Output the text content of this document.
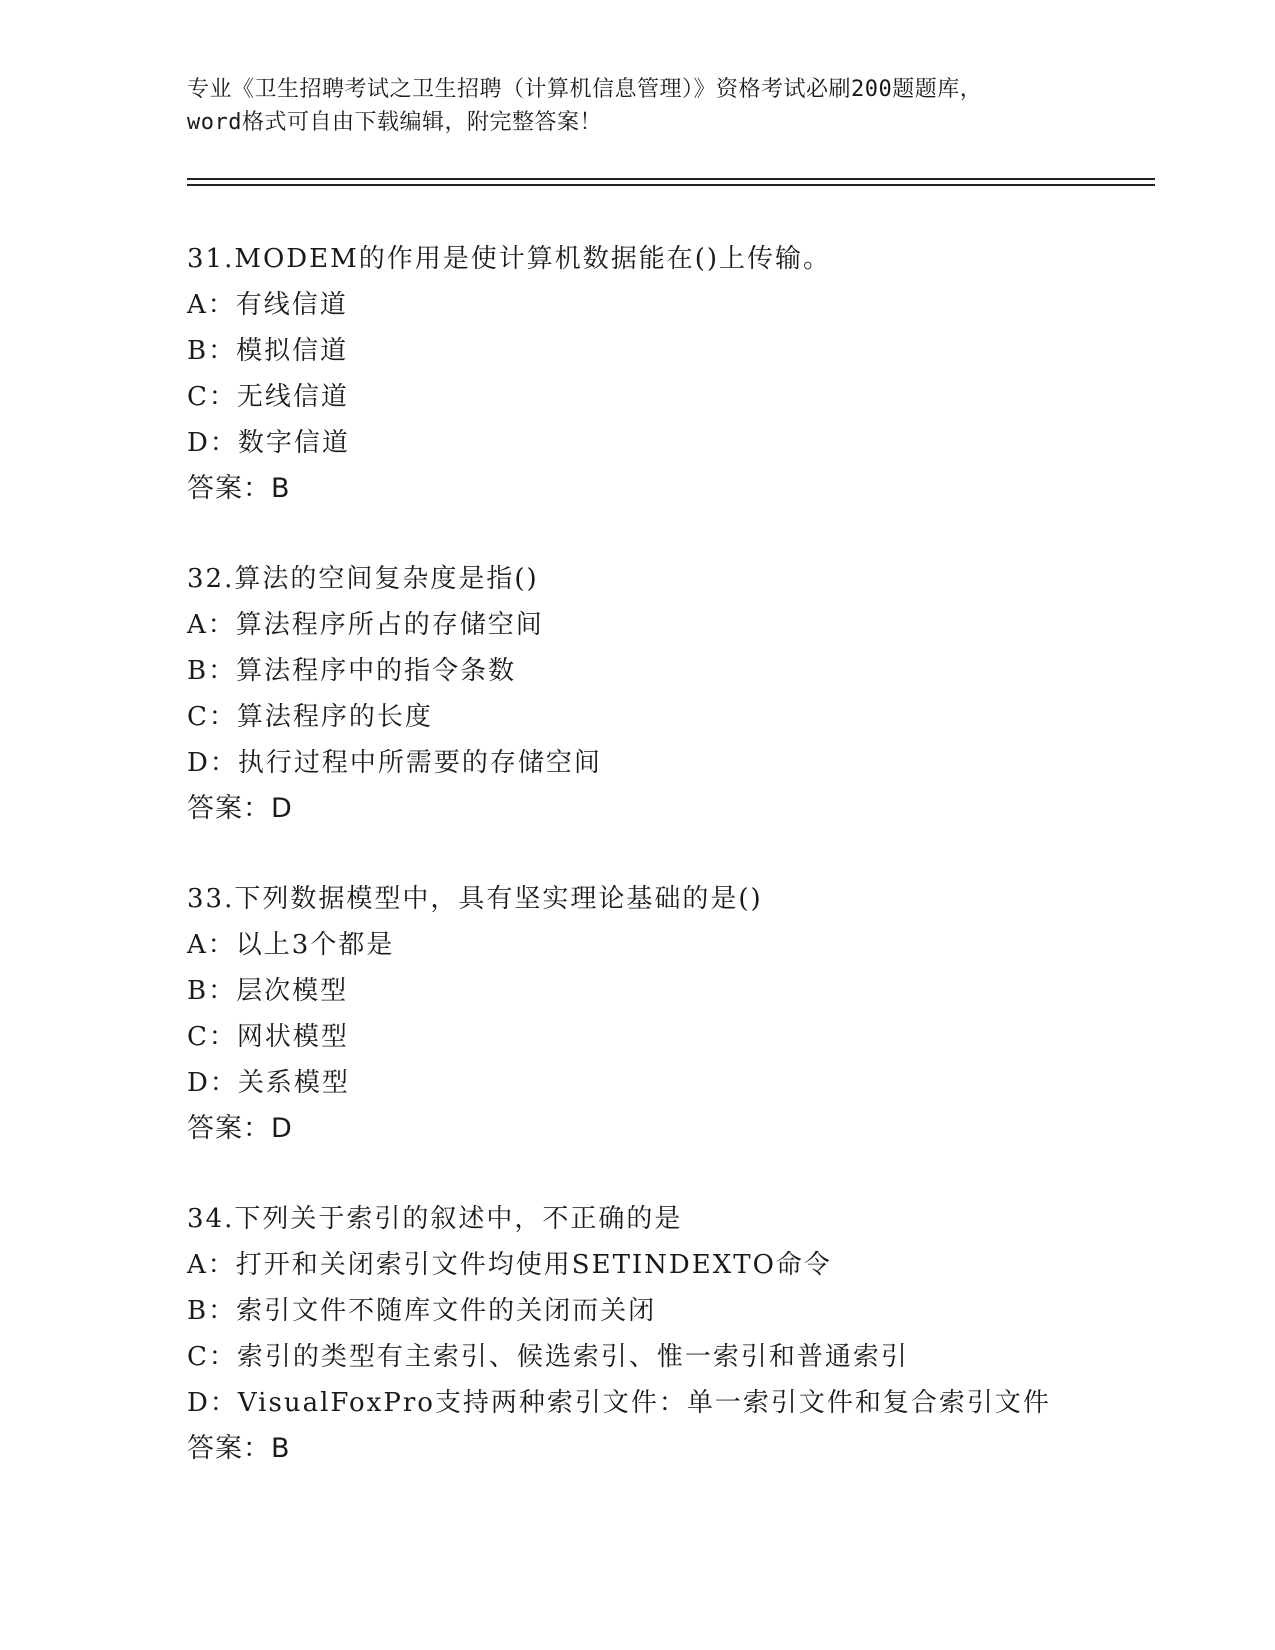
专业《卫生招聘考试之卫生招聘（计算机信息管理）》资格考试必刷200题题库，
word格式可自由下载编辑，附完整答案！
31.MODEM的作用是使计算机数据能在()上传输。
A：有线信道
B：模拟信道
C：无线信道
D：数字信道
答案：B
32.算法的空间复杂度是指()
A：算法程序所占的存储空间
B：算法程序中的指令条数
C：算法程序的长度
D：执行过程中所需要的存储空间
答案：D
33.下列数据模型中，具有坚实理论基础的是()
A：以上3个都是
B：层次模型
C：网状模型
D：关系模型
答案：D
34.下列关于索引的叙述中，不正确的是
A：打开和关闭索引文件均使用SETINDEXTO命令
B：索引文件不随库文件的关闭而关闭
C：索引的类型有主索引、候选索引、惟一索引和普通索引
D：VisualFoxPro支持两种索引文件：单一索引文件和复合索引文件
答案：B
